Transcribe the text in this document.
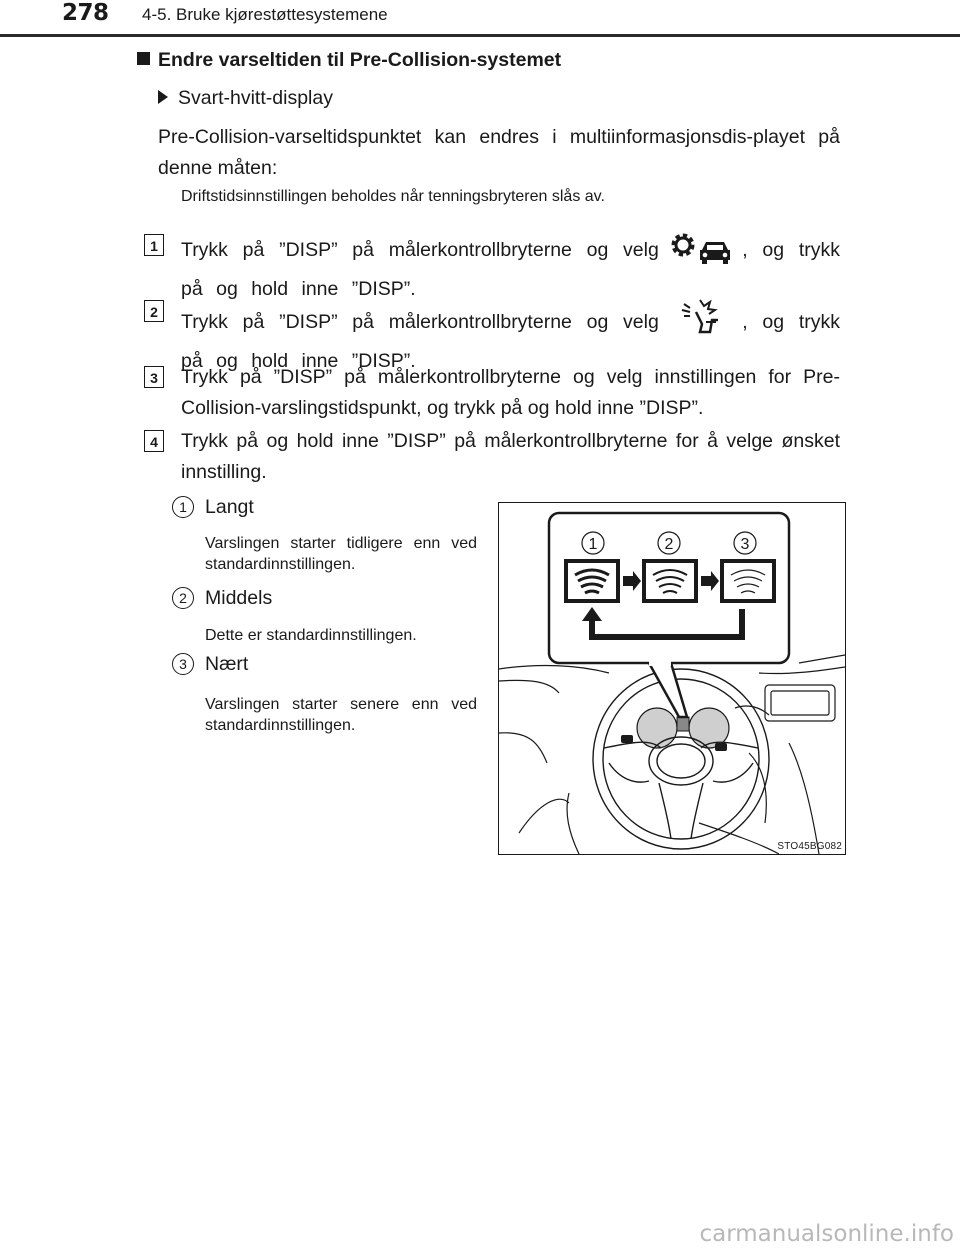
278 4-5. Bruke kjørestøttesystemene
Endre varseltiden til Pre-Collision-systemet
Svart-hvitt-display
Pre-Collision-varseltidspunktet kan endres i multiinformasjonsdis-playet på denne måten:
Driftstidsinnstillingen beholdes når tenningsbryteren slås av.
1	Trykk på ”DISP” på målerkontrollbryterne og velg	, og trykk på og hold inne ”DISP”.
2	Trykk på ”DISP” på målerkontrollbryterne og velg	, og trykk på og hold inne ”DISP”.
3	Trykk på ”DISP” på målerkontrollbryterne og velg innstillingen for Pre-Collision-varslingstidspunkt, og trykk på og hold inne ”DISP”.
4	Trykk på og hold inne ”DISP” på målerkontrollbryterne for å velge ønsket innstilling.
1 Langt
Varslingen starter tidligere enn ved standardinnstillingen.
2 Middels
Dette er standardinnstillingen.
3 Nært
Varslingen starter senere enn ved standardinnstillingen.
1	2	3
STO45BG082
carmanualsonline.info
